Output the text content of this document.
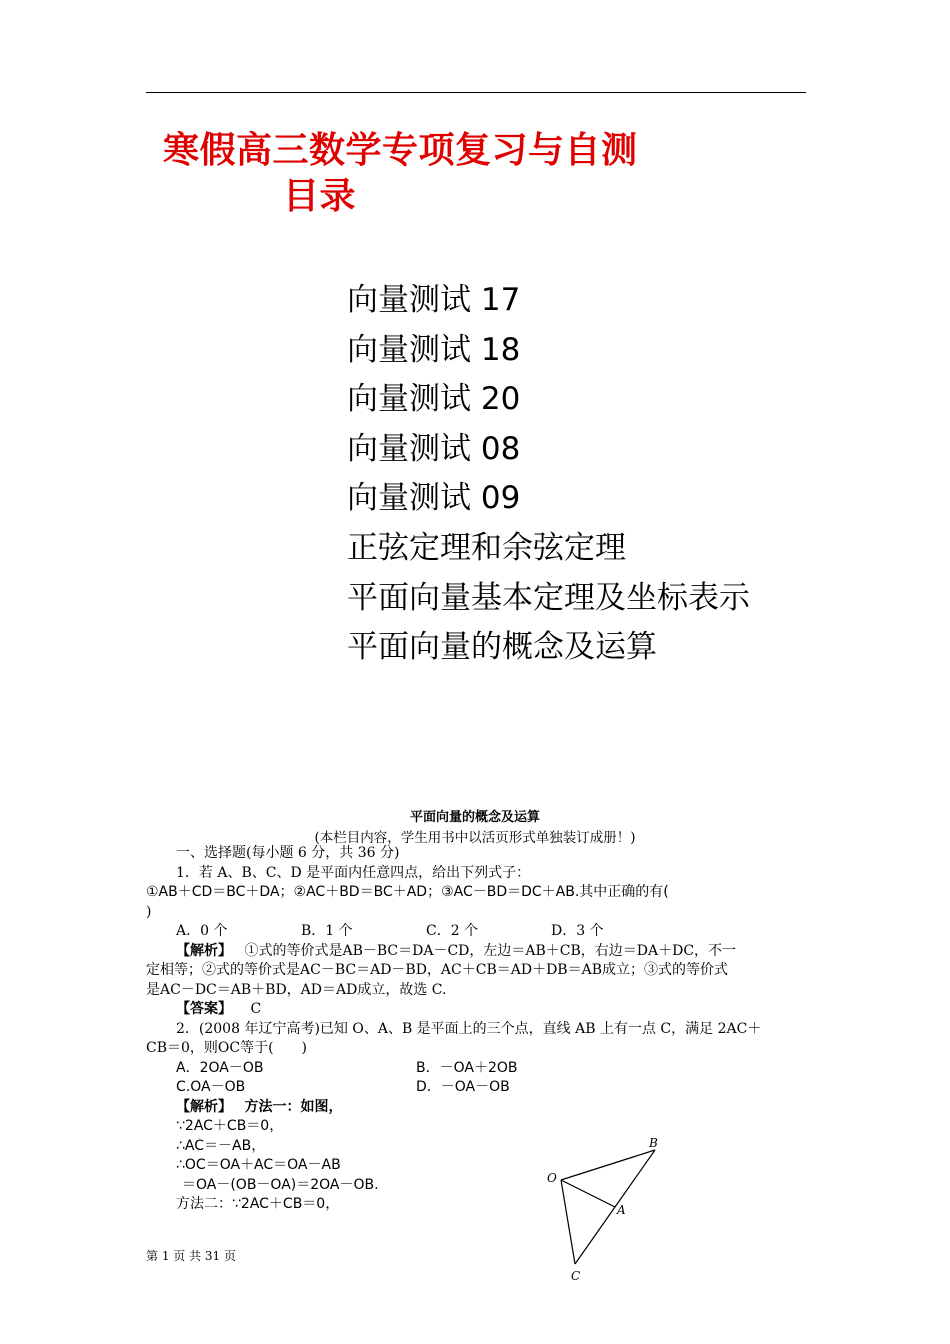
寒假高三数学专项复习与自测
目录
向量测试 17
向量测试 18
向量测试 20
向量测试 08
向量测试 09
正弦定理和余弦定理
平面向量基本定理及坐标表示
平面向量的概念及运算
平面向量的概念及运算
(本栏目内容，学生用书中以活页形式单独装订成册！)
一、选择题(每小题 6 分，共 36 分)
1．若 A、B、C、D 是平面内任意四点，给出下列式子：
①AB＋CD＝BC＋DA；②AC＋BD＝BC＋AD；③AC－BD＝DC＋AB.其中正确的有(
)
A．0 个	B．1 个	C．2 个	D．3 个
【解析】 ①式的等价式是AB－BC＝DA－CD，左边＝AB＋CB，右边＝DA＋DC，不一
定相等；②式的等价式是AC－BC＝AD－BD，AC＋CB＝AD＋DB＝AB成立；③式的等价式
是AC－DC＝AB＋BD，AD＝AD成立，故选 C.
【答案】 C
2．(2008 年辽宁高考)已知 O、A、B 是平面上的三个点，直线 AB 上有一点 C，满足 2AC＋
CB＝0，则OC等于(　　)
A．2OA－OB	B．－OA＋2OB
C.OA－OB	D．－OA－OB
【解析】 方法一：如图，
∵2AC＋CB＝0，
∴AC＝－AB，
∴OC＝OA＋AC＝OA－AB
＝OA－(OB－OA)＝2OA－OB.
方法二：∵2AC＋CB＝0，
O
A
B
C
第 1 页 共 31 页
